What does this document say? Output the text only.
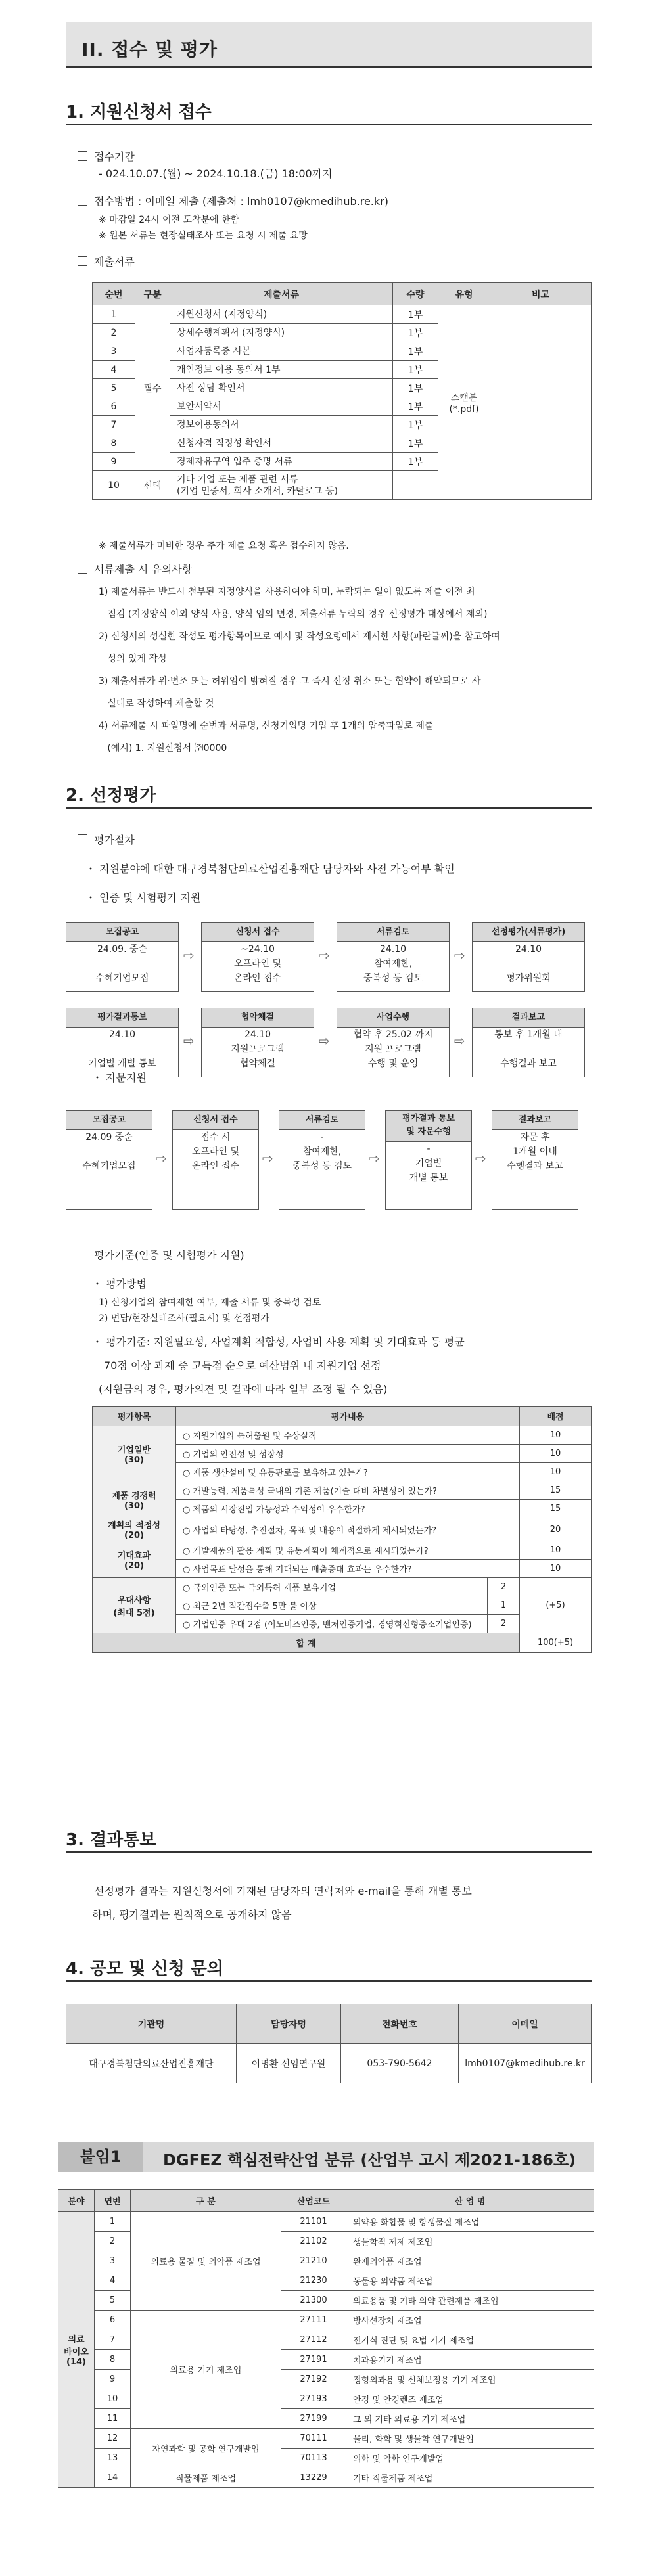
II. 접수 및 평가
1. 지원신청서 접수
접수기간
- 024.10.07.(월) ~ 2024.10.18.(금) 18:00까지
접수방법 : 이메일 제출 (제출처 : lmh0107@kmedihub.re.kr)
※ 마감일 24시 이전 도착분에 한함
※ 원본 서류는 현장실태조사 또는 요청 시 제출 요망
제출서류
순번	구분	제출서류	수량	유형	비고
1	필수	지원신청서 (지정양식)	1부	스캔본
(*.pdf)	
2		상세수행계획서 (지정양식)	1부		
3		사업자등록증 사본	1부		
4		개인정보 이용 동의서 1부	1부		
5		사전 상담 확인서	1부		
6		보안서약서	1부		
7		정보이용동의서	1부		
8		신청자격 적정성 확인서	1부		
9		경제자유구역 입주 증명 서류	1부		
10	선택	기타 기업 또는 제품 관련 서류
(기업 인증서, 회사 소개서, 카탈로그 등)			
※ 제출서류가 미비한 경우 추가 제출 요청 혹은 접수하지 않음.
서류제출 시 유의사항
1) 제출서류는 반드시 첨부된 지정양식을 사용하여야 하며, 누락되는 일이 없도록 제출 이전 최
점검 (지정양식 이외 양식 사용, 양식 임의 변경, 제출서류 누락의 경우 선정평가 대상에서 제외)
2) 신청서의 성실한 작성도 평가항목이므로 예시 및 작성요령에서 제시한 사항(파란글씨)을 참고하여
성의 있게 작성
3) 제출서류가 위·변조 또는 허위임이 밝혀질 경우 그 즉시 선정 취소 또는 협약이 해약되므로 사
실대로 작성하여 제출할 것
4) 서류제출 시 파일명에 순번과 서류명, 신청기업명 기입 후 1개의 압축파일로 제출
(예시) 1. 지원신청서 ㈜0000
2. 선정평가
평가절차
・ 지원분야에 대한 대구경북첨단의료산업진흥재단 담당자와 사전 가능여부 확인
・ 인증 및 시험평가 지원
모집공고
24.09. 중순
수혜기업모집
⇨
신청서 접수
~24.10
오프라인 및
온라인 접수
⇨
서류검토
24.10
참여제한,
중복성 등 검토
⇨
선정평가(서류평가)
24.10
평가위원회
평가결과통보
24.10
기업별 개별 통보
⇨
협약체결
24.10
지원프로그램
협약체결
⇨
사업수행
협약 후 25.02 까지
지원 프로그램
수행 및 운영
⇨
결과보고
통보 후 1개월 내
수행결과 보고
・ 자문지원
모집공고
24.09 중순
수혜기업모집	⇨
신청서 접수
접수 시
오프라인 및
온라인 접수	⇨
서류검토
-
참여제한,
중복성 등 검토	⇨
평가결과 통보
및 자문수행
-
기업별
개별 통보
⇨
결과보고
자문 후
1개월 이내
수행결과 보고
평가기준(인증 및 시험평가 지원)
・ 평가방법
1) 신청기업의 참여제한 여부, 제출 서류 및 중복성 검토
2) 면담/현장실태조사(필요시) 및 선정평가
・ 평가기준: 지원필요성, 사업계획 적합성, 사업비 사용 계획 및 기대효과 등 평균
70점 이상 과제 중 고득점 순으로 예산범위 내 지원기업 선정
(지원금의 경우, 평가의견 및 결과에 따라 일부 조정 될 수 있음)
평가항목	평가내용		배점
기업일반
(30)	○ 지원기업의 특허출원 및 수상실적		10
	○ 기업의 안전성 및 성장성		10
	○ 제품 생산설비 및 유통판로를 보유하고 있는가?		10
제품 경쟁력
(30)	○ 개발능력, 제품특성 국내외 기존 제품(기술 대비 차별성이 있는가?		15
	○ 제품의 시장진입 가능성과 수익성이 우수한가?		15
계획의 적정성
(20)	○ 사업의 타당성, 추진절차, 목표 및 내용이 적절하게 제시되었는가?		20
기대효과
(20)	○ 개발제품의 활용 계획 및 유통계획이 체계적으로 제시되었는가?		10
	○ 사업목표 달성을 통해 기대되는 매출증대 효과는 우수한가?		10
우대사항
(최대 5점)	○ 국외인증 또는 국외특허 제품 보유기업	2	(+5)
	○ 최근 2년 직간접수출 5만 불 이상	1	
	○ 기업인증 우대 2점 (이노비즈인증, 벤처인증기업, 경영혁신형중소기업인증)	2	
합 계			100(+5)
3. 결과통보
선정평가 결과는 지원신청서에 기재된 담당자의 연락처와 e-mail을 통해 개별 통보
하며, 평가결과는 원칙적으로 공개하지 않음
4. 공모 및 신청 문의
기관명	담당자명	전화번호	이메일
대구경북첨단의료산업진흥재단	이명환 선임연구원	053-790-5642	lmh0107@kmedihub.re.kr
붙임1	DGFEZ 핵심전략산업 분류 (산업부 고시 제2021-186호)
분야	연번	구 분	산업코드	산 업 명
의료
바이오
(14)	1	의료용 물질 및 의약품 제조업	21101	의약용 화합물 및 항생물질 제조업
	2		21102	생물학적 제제 제조업
	3		21210	완제의약품 제조업
	4		21230	동물용 의약품 제조업
	5		21300	의료용품 및 기타 의약 관련제품 제조업
	6	의료용 기기 제조업	27111	방사선장치 제조업
	7		27112	전기식 진단 및 요법 기기 제조업
	8		27191	치과용기기 제조업
	9		27192	정형외과용 및 신체보정용 기기 제조업
	10		27193	안경 및 안경렌즈 제조업
	11		27199	그 외 기타 의료용 기기 제조업
	12	자연과학 및 공학 연구개발업	70111	물리, 화학 및 생물학 연구개발업
	13		70113	의학 및 약학 연구개발업
	14	직물제품 제조업	13229	기타 직물제품 제조업
